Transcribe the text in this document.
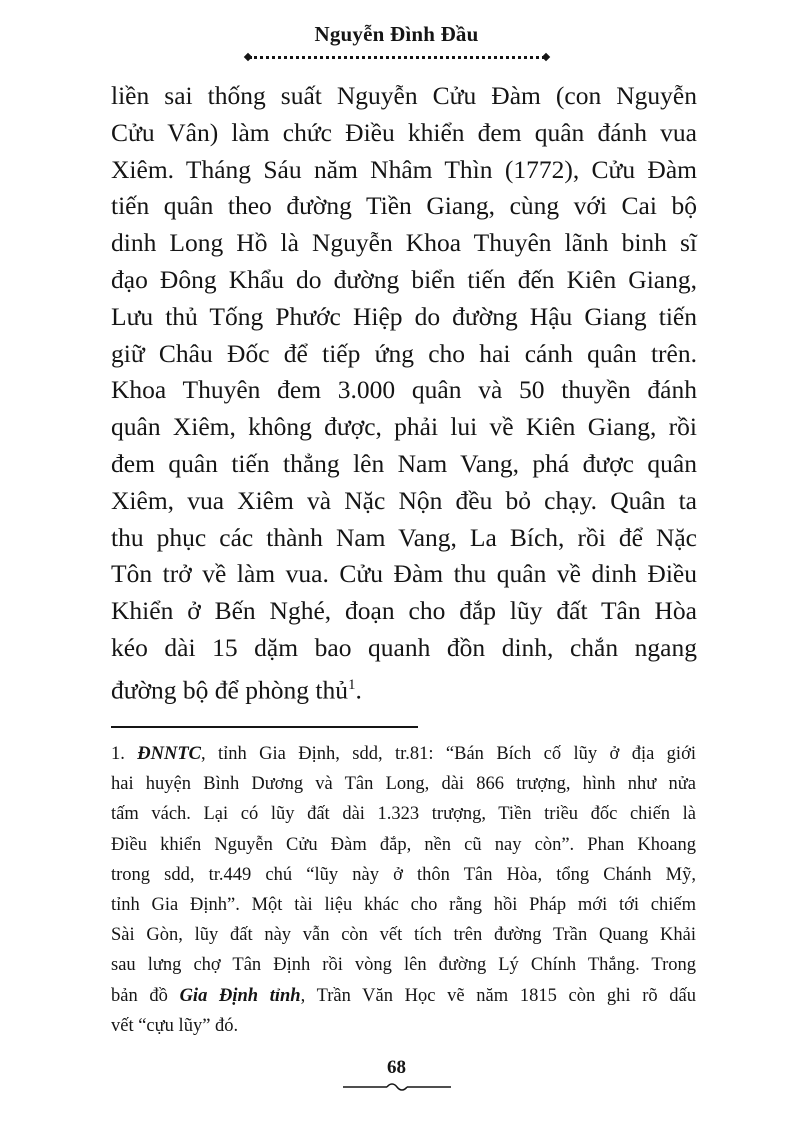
Nguyễn Đình Đầu
liền sai thống suất Nguyễn Cửu Đàm (con Nguyễn
Cửu Vân) làm chức Điều khiển đem quân đánh vua
Xiêm. Tháng Sáu năm Nhâm Thìn (1772), Cửu Đàm
tiến quân theo đường Tiền Giang, cùng với Cai bộ
dinh Long Hồ là Nguyễn Khoa Thuyên lãnh binh sĩ
đạo Đông Khẩu do đường biển tiến đến Kiên Giang,
Lưu thủ Tống Phước Hiệp do đường Hậu Giang tiến
giữ Châu Đốc để tiếp ứng cho hai cánh quân trên.
Khoa Thuyên đem 3.000 quân và 50 thuyền đánh
quân Xiêm, không được, phải lui về Kiên Giang, rồi
đem quân tiến thẳng lên Nam Vang, phá được quân
Xiêm, vua Xiêm và Nặc Nộn đều bỏ chạy. Quân ta
thu phục các thành Nam Vang, La Bích, rồi để Nặc
Tôn trở về làm vua. Cửu Đàm thu quân về dinh Điều
Khiển ở Bến Nghé, đoạn cho đắp lũy đất Tân Hòa
kéo dài 15 dặm bao quanh đồn dinh, chắn ngang
đường bộ để phòng thủ$^1$.
1. ĐNNTC, tỉnh Gia Định, sdd, tr.81: “Bán Bích cố lũy ở địa giới
hai huyện Bình Dương và Tân Long, dài 866 trượng, hình như nửa
tấm vách. Lại có lũy đất dài 1.323 trượng, Tiền triều đốc chiến là
Điều khiển Nguyễn Cửu Đàm đắp, nền cũ nay còn”. Phan Khoang
trong sdd, tr.449 chú “lũy này ở thôn Tân Hòa, tổng Chánh Mỹ,
tỉnh Gia Định”. Một tài liệu khác cho rằng hồi Pháp mới tới chiếm
Sài Gòn, lũy đất này vẫn còn vết tích trên đường Trần Quang Khải
sau lưng chợ Tân Định rồi vòng lên đường Lý Chính Thắng. Trong
bản đồ Gia Định tỉnh, Trần Văn Học vẽ năm 1815 còn ghi rõ dấu
vết “cựu lũy” đó.
68
